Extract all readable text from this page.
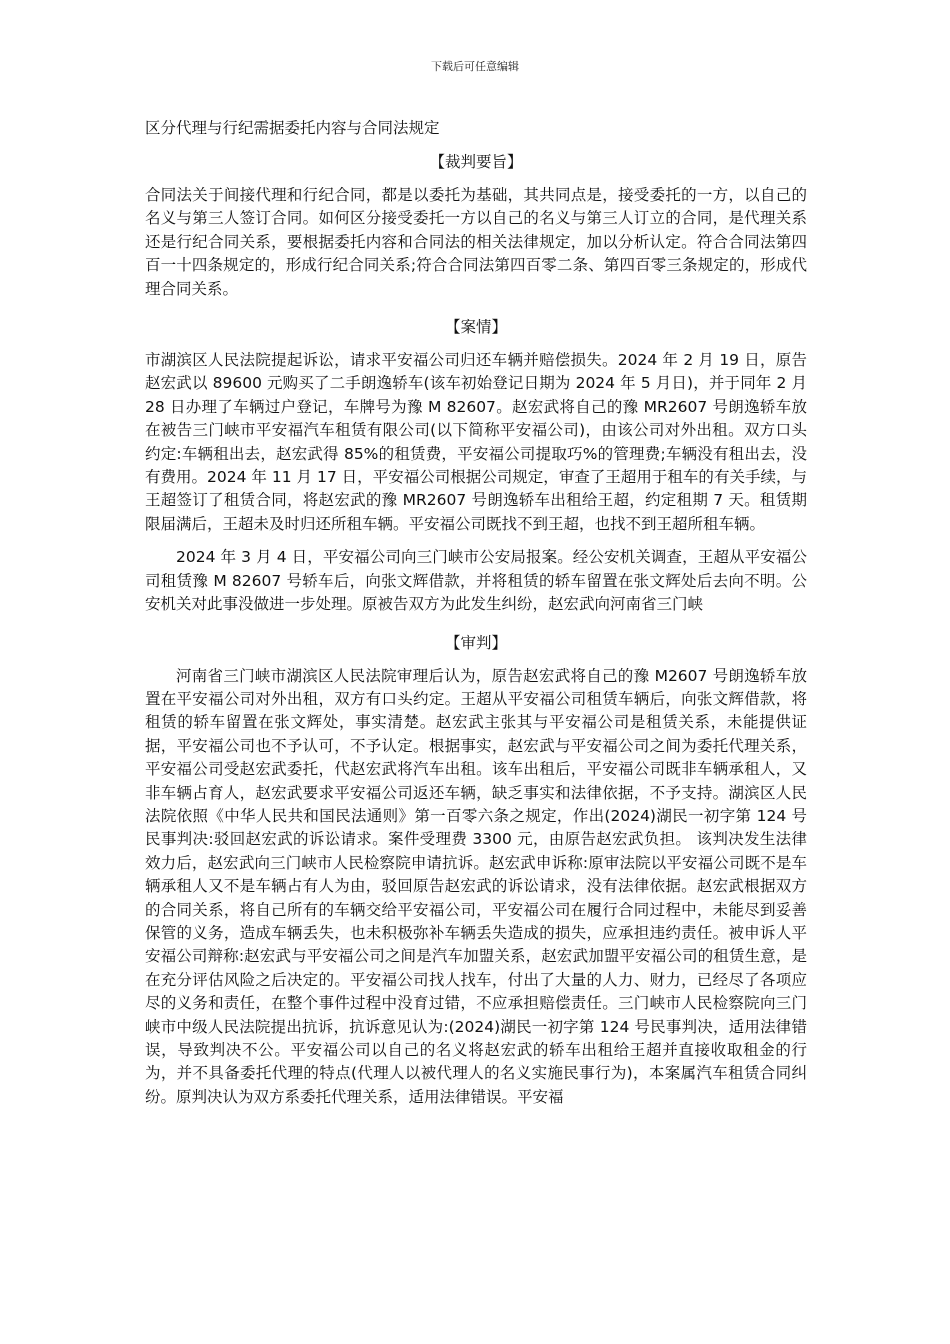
下载后可任意编辑
区分代理与行纪需据委托内容与合同法规定
【裁判要旨】

合同法关于间接代理和行纪合同，都是以委托为基础，其共同点是，接受委托的一方，以自己的名义与第三人签订合同。如何区分接受委托一方以自己的名义与第三人订立的合同，是代理关系还是行纪合同关系，要根据委托内容和合同法的相关法律规定，加以分析认定。符合合同法第四百一十四条规定的，形成行纪合同关系;符合合同法第四百零二条、第四百零三条规定的，形成代理合同关系。

【案情】

市湖滨区人民法院提起诉讼，请求平安福公司归还车辆并赔偿损失。2024 年 2 月 19 日，原告赵宏武以 89600 元购买了二手朗逸轿车(该车初始登记日期为 2024 年 5 月日)，并于同年 2 月 28 日办理了车辆过户登记，车牌号为豫 M 82607。赵宏武将自己的豫 MR2607 号朗逸轿车放在被告三门峡市平安福汽车租赁有限公司(以下简称平安福公司)，由该公司对外出租。双方口头约定:车辆租出去，赵宏武得 85%的租赁费，平安福公司提取巧%的管理费;车辆没有租出去，没有费用。2024 年 11 月 17 日，平安福公司根据公司规定，审查了王超用于租车的有关手续，与王超签订了租赁合同，将赵宏武的豫 MR2607 号朗逸轿车出租给王超，约定租期 7 天。租赁期限届满后，王超未及时归还所租车辆。平安福公司既找不到王超，也找不到王超所租车辆。

2024 年 3 月 4 日，平安福公司向三门峡市公安局报案。经公安机关调查，王超从平安福公司租赁豫 M 82607 号轿车后，向张文辉借款，并将租赁的轿车留置在张文辉处后去向不明。公安机关对此事没做进一步处理。原被告双方为此发生纠纷，赵宏武向河南省三门峡

【审判】

河南省三门峡市湖滨区人民法院审理后认为，原告赵宏武将自己的豫 M2607 号朗逸轿车放置在平安福公司对外出租，双方有口头约定。王超从平安福公司租赁车辆后，向张文辉借款，将租赁的轿车留置在张文辉处，事实清楚。赵宏武主张其与平安福公司是租赁关系，未能提供证据，平安福公司也不予认可，不予认定。根据事实，赵宏武与平安福公司之间为委托代理关系，平安福公司受赵宏武委托，代赵宏武将汽车出租。该车出租后，平安福公司既非车辆承租人，又非车辆占育人，赵宏武要求平安福公司返还车辆，缺乏事实和法律依据，不予支持。湖滨区人民法院依照《中华人民共和国民法通则》第一百零六条之规定，作出(2024)湖民一初字第 124 号民事判决:驳回赵宏武的诉讼请求。案件受理费 3300 元，由原告赵宏武负担。 该判决发生法律效力后，赵宏武向三门峡市人民检察院申请抗诉。赵宏武申诉称:原审法院以平安福公司既不是车辆承租人又不是车辆占有人为由，驳回原告赵宏武的诉讼请求，没有法律依据。赵宏武根据双方的合同关系，将自己所有的车辆交给平安福公司，平安福公司在履行合同过程中，未能尽到妥善保管的义务，造成车辆丢失，也未积极弥补车辆丢失造成的损失，应承担违约责任。被申诉人平安福公司辩称:赵宏武与平安福公司之间是汽车加盟关系，赵宏武加盟平安福公司的租赁生意，是在充分评估风险之后决定的。平安福公司找人找车，付出了大量的人力、财力，已经尽了各项应尽的义务和责任，在整个事件过程中没育过错，不应承担赔偿责任。三门峡市人民检察院向三门峡市中级人民法院提出抗诉，抗诉意见认为:(2024)湖民一初字第 124 号民事判决，适用法律错误，导致判决不公。平安福公司以自己的名义将赵宏武的轿车出租给王超并直接收取租金的行为，并不具备委托代理的特点(代理人以被代理人的名义实施民事行为)，本案属汽车租赁合同纠纷。原判决认为双方系委托代理关系，适用法律错误。平安福
